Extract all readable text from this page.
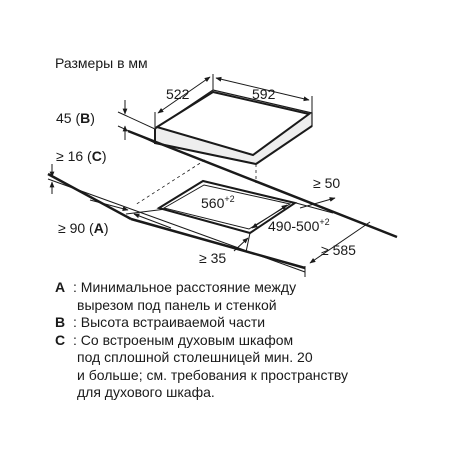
Размеры в мм
522	592
45 (B)
$560^{+2}$
$490-500^{+2}$
≥ 50
≥ 90 (A)
≥ 16 (C)
≥ 35	≥ 585
A : Минимальное расстояние между
вырезом под панель и стенкой
B : Высота встраиваемой части
C : Со встроеным духовым шкафом
под сплошной столешницей мин. 20
и больше; см. требования к пространству
для духового шкафа.
